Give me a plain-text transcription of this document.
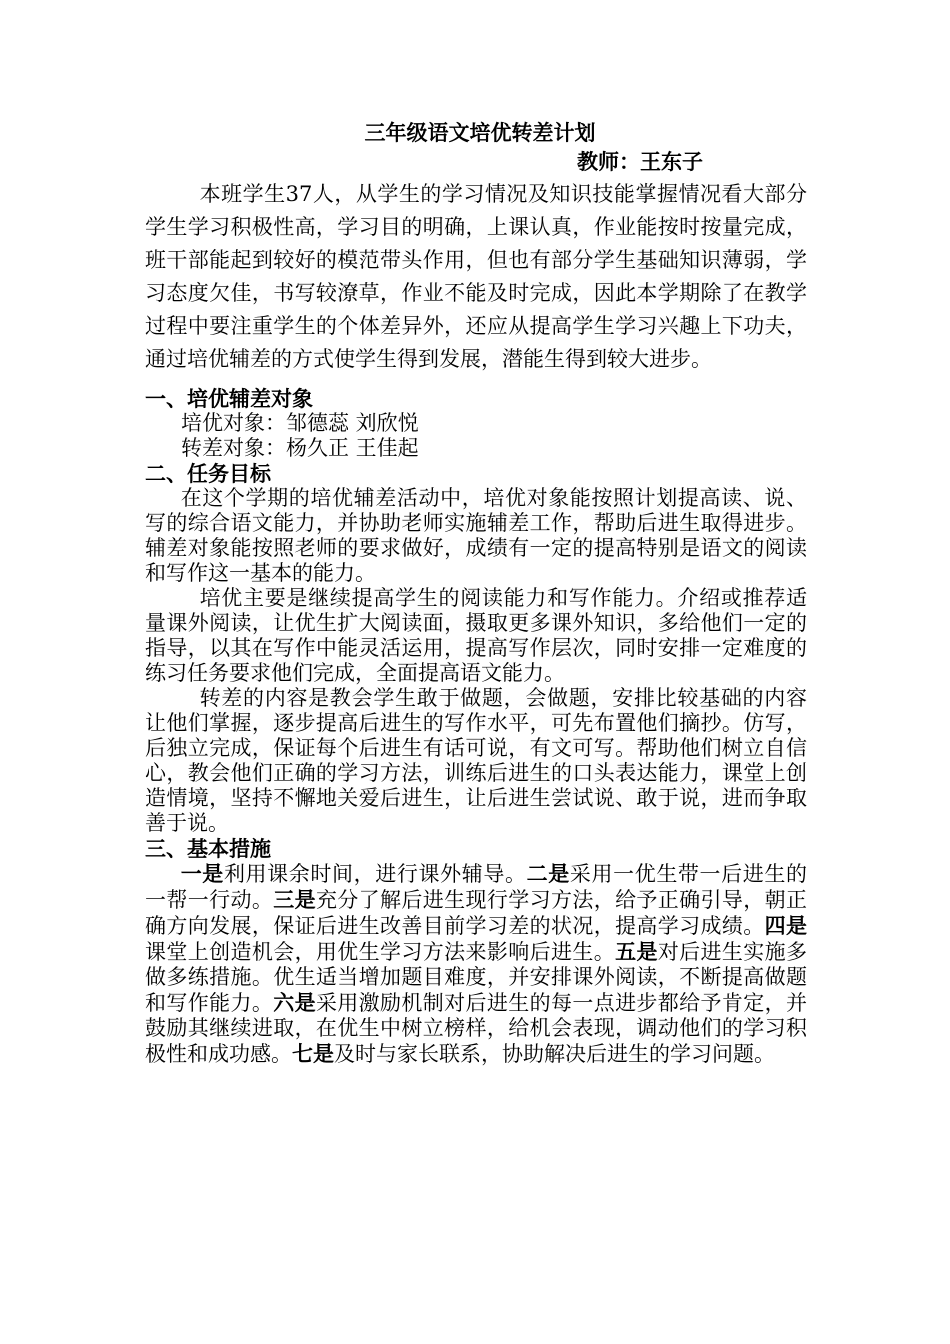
三年级语文培优转差计划
教师：王东子

本班学生37人，从学生的学习情况及知识技能掌握情况看大部分学生学习积极性高，学习目的明确，上课认真，作业能按时按量完成，班干部能起到较好的模范带头作用，但也有部分学生基础知识薄弱，学习态度欠佳，书写较潦草，作业不能及时完成，因此本学期除了在教学过程中要注重学生的个体差异外，还应从提高学生学习兴趣上下功夫，通过培优辅差的方式使学生得到发展，潜能生得到较大进步。

一、培优辅差对象
培优对象：邹德蕊 刘欣悦
转差对象：杨久正 王佳起
二、任务目标

在这个学期的培优辅差活动中，培优对象能按照计划提高读、说、写的综合语文能力，并协助老师实施辅差工作，帮助后进生取得进步。辅差对象能按照老师的要求做好，成绩有一定的提高特别是语文的阅读和写作这一基本的能力。

培优主要是继续提高学生的阅读能力和写作能力。介绍或推荐适量课外阅读，让优生扩大阅读面，摄取更多课外知识，多给他们一定的指导，以其在写作中能灵活运用，提高写作层次，同时安排一定难度的练习任务要求他们完成，全面提高语文能力。

转差的内容是教会学生敢于做题，会做题，安排比较基础的内容让他们掌握，逐步提高后进生的写作水平，可先布置他们摘抄。仿写，后独立完成，保证每个后进生有话可说，有文可写。帮助他们树立自信心，教会他们正确的学习方法，训练后进生的口头表达能力，课堂上创造情境，坚持不懈地关爱后进生，让后进生尝试说、敢于说，进而争取善于说。

三、基本措施

一是利用课余时间，进行课外辅导。二是采用一优生带一后进生的一帮一行动。三是充分了解后进生现行学习方法，给予正确引导，朝正确方向发展，保证后进生改善目前学习差的状况，提高学习成绩。四是课堂上创造机会，用优生学习方法来影响后进生。五是对后进生实施多做多练措施。优生适当增加题目难度，并安排课外阅读，不断提高做题和写作能力。六是采用激励机制对后进生的每一点进步都给予肯定，并鼓励其继续进取，在优生中树立榜样，给机会表现，调动他们的学习积极性和成功感。七是及时与家长联系，协助解决后进生的学习问题。
